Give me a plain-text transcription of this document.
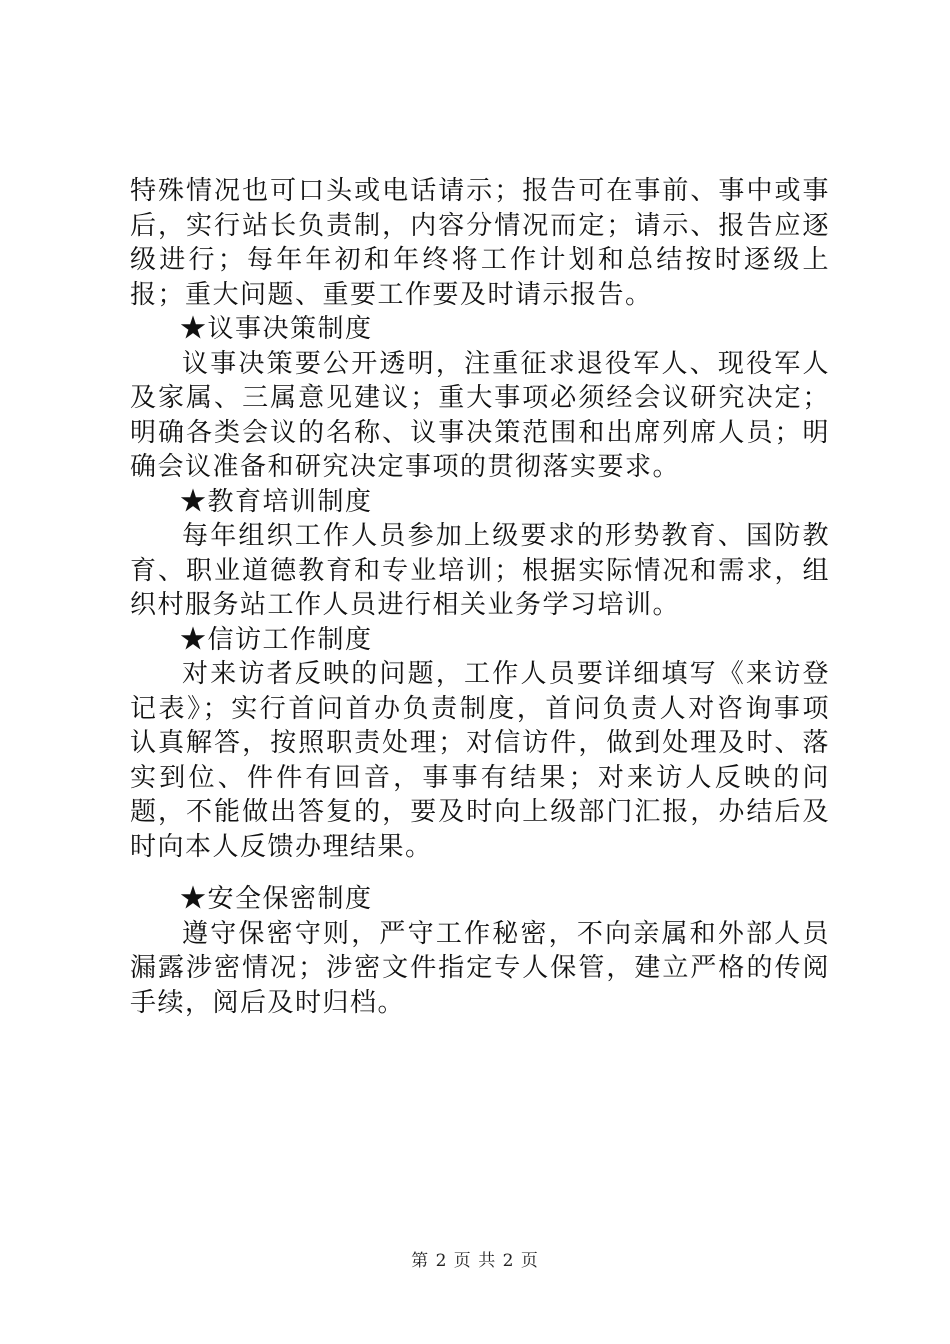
特殊情况也可口头或电话请示；报告可在事前、事中或事后，实行站长负责制，内容分情况而定；请示、报告应逐级进行；每年年初和年终将工作计划和总结按时逐级上报；重大问题、重要工作要及时请示报告。

★议事决策制度

议事决策要公开透明，注重征求退役军人、现役军人及家属、三属意见建议；重大事项必须经会议研究决定；明确各类会议的名称、议事决策范围和出席列席人员；明确会议准备和研究决定事项的贯彻落实要求。

★教育培训制度

每年组织工作人员参加上级要求的形势教育、国防教育、职业道德教育和专业培训；根据实际情况和需求，组织村服务站工作人员进行相关业务学习培训。

★信访工作制度

对来访者反映的问题，工作人员要详细填写《来访登记表》；实行首问首办负责制度，首问负责人对咨询事项认真解答，按照职责处理；对信访件，做到处理及时、落实到位、件件有回音，事事有结果；对来访人反映的问题，不能做出答复的，要及时向上级部门汇报，办结后及时向本人反馈办理结果。

★安全保密制度

遵守保密守则，严守工作秘密，不向亲属和外部人员漏露涉密情况；涉密文件指定专人保管，建立严格的传阅手续，阅后及时归档。

第 2 页 共 2 页
